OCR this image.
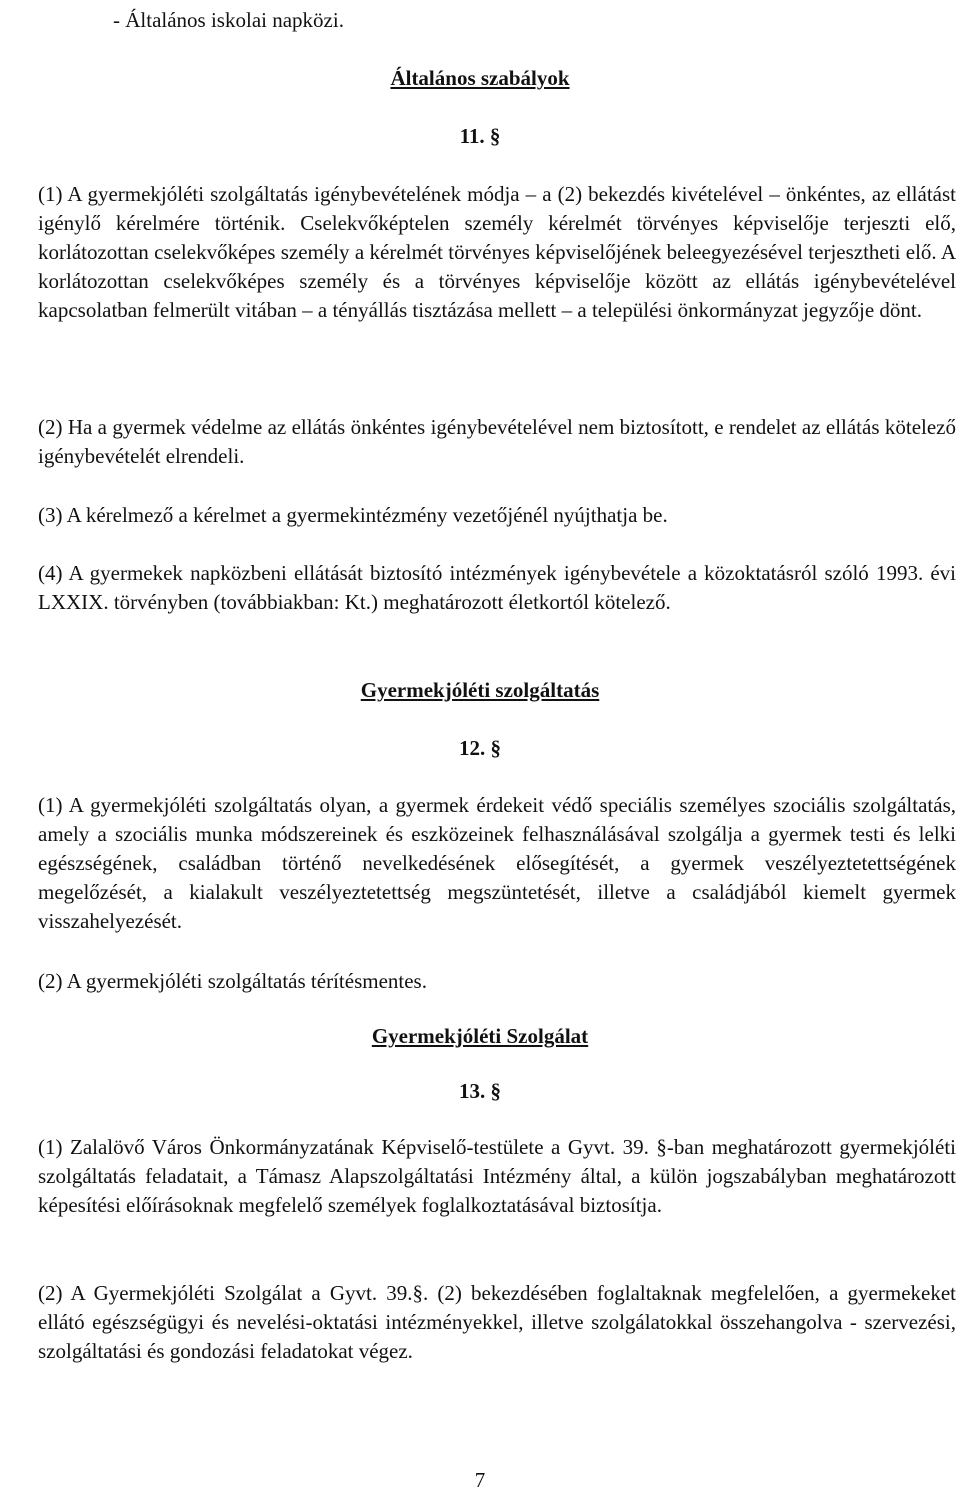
- Általános iskolai napközi.
Általános szabályok
11. §

(1) A gyermekjóléti szolgáltatás igénybevételének módja – a (2) bekezdés kivételével – önkéntes, az ellátást igénylő kérelmére történik. Cselekvőképtelen személy kérelmét törvényes képviselője terjeszti elő, korlátozottan cselekvőképes személy a kérelmét törvényes képviselőjének beleegyezésével terjesztheti elő. A korlátozottan cselekvőképes személy és a törvényes képviselője között az ellátás igénybevételével kapcsolatban felmerült vitában – a tényállás tisztázása mellett – a települési önkormányzat jegyzője dönt.

(2) Ha a gyermek védelme az ellátás önkéntes igénybevételével nem biztosított, e rendelet az ellátás kötelező igénybevételét elrendeli.

(3) A kérelmező a kérelmet a gyermekintézmény vezetőjénél nyújthatja be.

(4) A gyermekek napközbeni ellátását biztosító intézmények igénybevétele a közoktatásról szóló 1993. évi LXXIX. törvényben (továbbiakban: Kt.) meghatározott életkortól kötelező.

Gyermekjóléti szolgáltatás
12. §

(1) A gyermekjóléti szolgáltatás olyan, a gyermek érdekeit védő speciális személyes szociális szolgáltatás, amely a szociális munka módszereinek és eszközeinek felhasználásával szolgálja a gyermek testi és lelki egészségének, családban történő nevelkedésének elősegítését, a gyermek veszélyeztetettségének megelőzését, a kialakult veszélyeztetettség megszüntetését, illetve a családjából kiemelt gyermek visszahelyezését.

(2) A gyermekjóléti szolgáltatás térítésmentes.

Gyermekjóléti Szolgálat
13. §

(1) Zalalövő Város Önkormányzatának Képviselő-testülete a Gyvt. 39. §-ban meghatározott gyermekjóléti szolgáltatás feladatait, a Támasz Alapszolgáltatási Intézmény által, a külön jogszabályban meghatározott képesítési előírásoknak megfelelő személyek foglalkoztatásával biztosítja.

(2) A Gyermekjóléti Szolgálat a Gyvt. 39.§. (2) bekezdésében foglaltaknak megfelelően, a gyermekeket ellátó egészségügyi és nevelési-oktatási intézményekkel, illetve szolgálatokkal összehangolva - szervezési, szolgáltatási és gondozási feladatokat végez.

7
